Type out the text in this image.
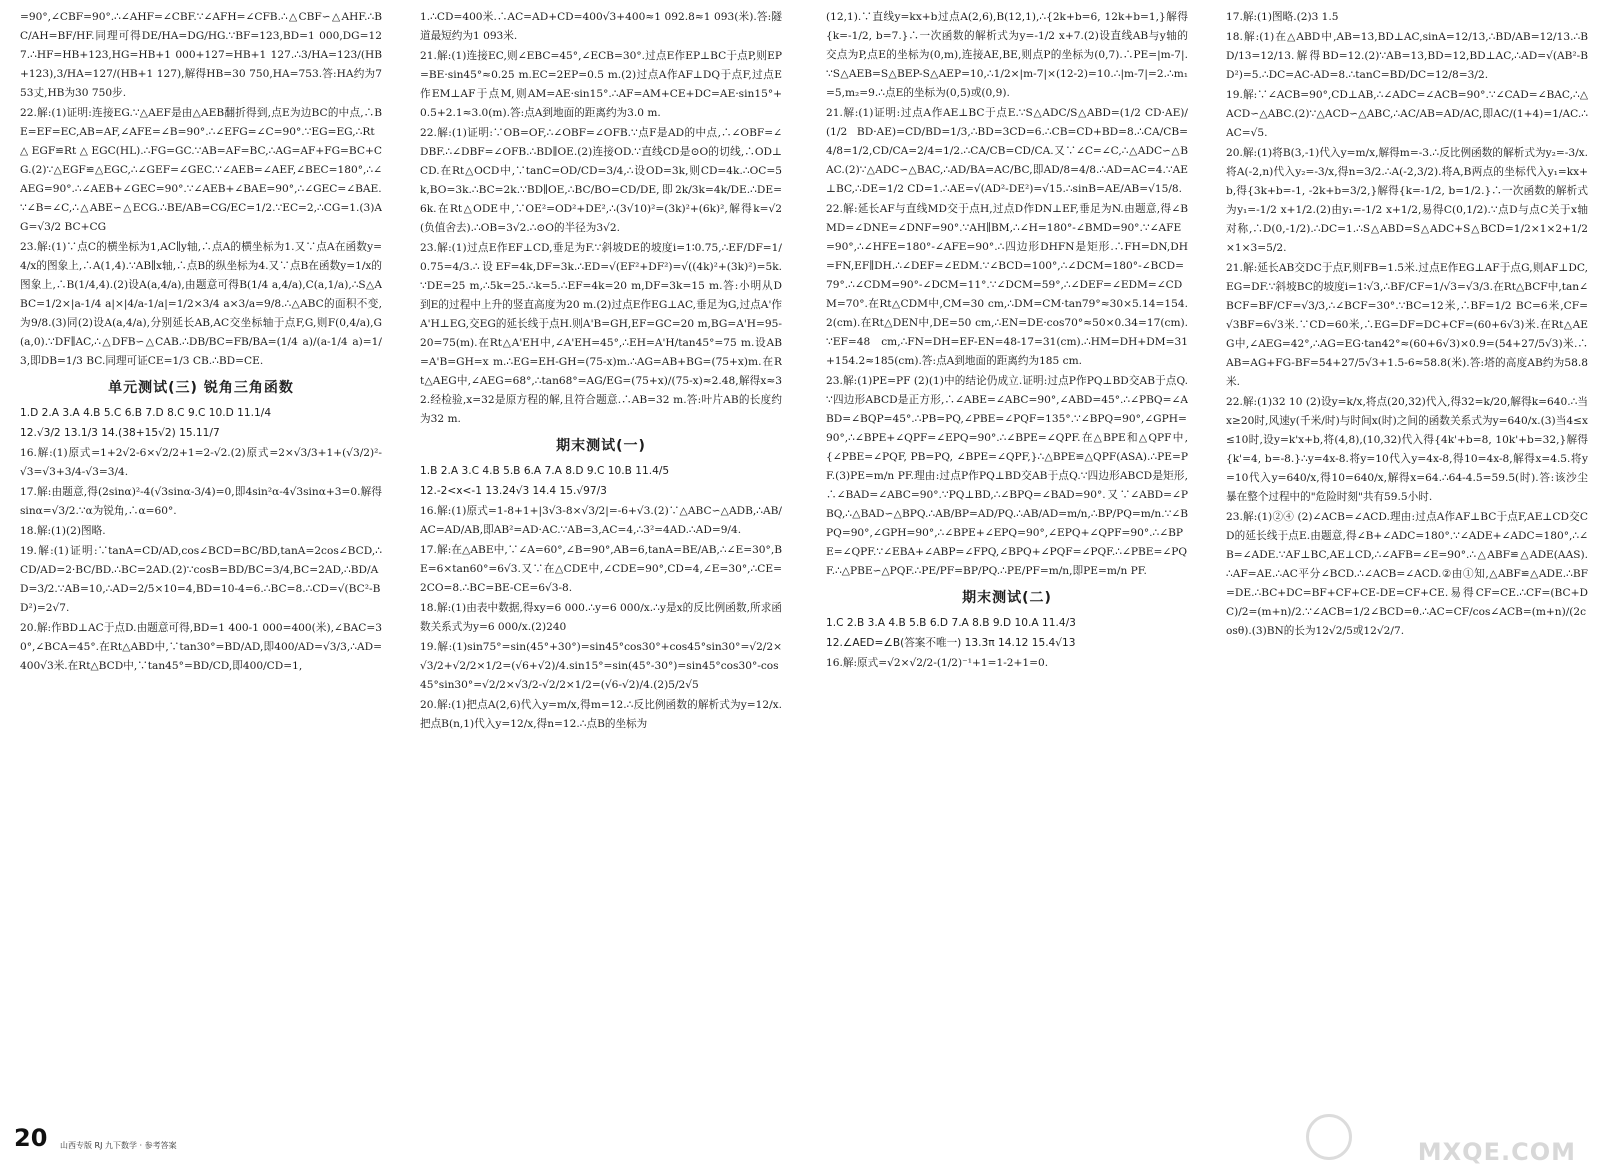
=90°,∠CBF=90°.∴∠AHF=∠CBF.∵∠AFH=∠CFB.∴△CBF∽△AHF.∴BC/AH=BF/HF.同理可得DE/HA=DG/HG.∵BF=123,BD=1 000,DG=127.∴HF=HB+123,HG=HB+1 000+127=HB+1 127.∴3/HA=123/(HB+123),3/HA=127/(HB+1 127),解得HB=30 750,HA=753.答:HA约为753丈,HB为30 750步.

22.解:(1)证明:连接EG.∵△AEF是由△AEB翻折得到,点E为边BC的中点,∴BE=EF=EC,AB=AF,∠AFE=∠B=90°.∴∠EFG=∠C=90°.∵EG=EG,∴Rt△EGF≌Rt△EGC(HL).∴FG=GC.∵AB=AF=BC,∴AG=AF+FG=BC+CG.(2)∵△EGF≌△EGC,∴∠GEF=∠GEC.∵∠AEB=∠AEF,∠BEC=180°,∴∠AEG=90°.∴∠AEB+∠GEC=90°.∵∠AEB+∠BAE=90°,∴∠GEC=∠BAE.∵∠B=∠C,∴△ABE∽△ECG.∴BE/AB=CG/EC=1/2.∵EC=2,∴CG=1.(3)AG=√3/2 BC+CG

23.解:(1)∵点C的横坐标为1,AC∥y轴,∴点A的横坐标为1.又∵点A在函数y=4/x的图象上,∴A(1,4).∵AB∥x轴,∴点B的纵坐标为4.又∵点B在函数y=1/x的图象上,∴B(1/4,4).(2)设A(a,4/a),由题意可得B(1/4 a,4/a),C(a,1/a),∴S△ABC=1/2×|a-1/4 a|×|4/a-1/a|=1/2×3/4 a×3/a=9/8.∴△ABC的面积不变,为9/8.(3)同(2)设A(a,4/a),分别延长AB,AC交坐标轴于点F,G,则F(0,4/a),G(a,0).∵DF∥AC,∴△DFB∽△CAB.∴DB/BC=FB/BA=(1/4 a)/(a-1/4 a)=1/3,即DB=1/3 BC.同理可证CE=1/3 CB.∴BD=CE.

单元测试(三) 锐角三角函数

1.D 2.A 3.A 4.B 5.C 6.B 7.D 8.C 9.C 10.D 11.1/4

12.√3/2 13.1/3 14.(38+15√2) 15.11/7

16.解:(1)原式=1+2√2-6×√2/2+1=2-√2.(2)原式=2×√3/3+1+(√3/2)²-√3=√3+3/4-√3=3/4.

17.解:由题意,得(2sinα)²-4(√3sinα-3/4)=0,即4sin²α-4√3sinα+3=0.解得sinα=√3/2.∵α为锐角,∴α=60°.

18.解:(1)(2)图略.

19.解:(1)证明:∵tanA=CD/AD,cos∠BCD=BC/BD,tanA=2cos∠BCD,∴CD/AD=2·BC/BD.∴BC=2AD.(2)∵cosB=BD/BC=3/4,BC=2AD,∴BD/AD=3/2.∵AB=10,∴AD=2/5×10=4,BD=10-4=6.∴BC=8.∴CD=√(BC²-BD²)=2√7.

20.解:作BD⊥AC于点D.由题意可得,BD=1 400-1 000=400(米),∠BAC=30°,∠BCA=45°.在Rt△ABD中,∵tan30°=BD/AD,即400/AD=√3/3,∴AD=400√3米.在Rt△BCD中,∵tan45°=BD/CD,即400/CD=1,

1.∴CD=400米.∴AC=AD+CD=400√3+400≈1 092.8≈1 093(米).答:隧道最短约为1 093米.

21.解:(1)连接EC,则∠EBC=45°,∠ECB=30°.过点E作EP⊥BC于点P,则EP=BE·sin45°≈0.25 m.EC=2EP=0.5 m.(2)过点A作AF⊥DQ于点F,过点E作EM⊥AF于点M,则AM=AE·sin15°.∴AF=AM+CE+DC=AE·sin15°+0.5+2.1≈3.0(m).答:点A到地面的距离约为3.0 m.

22.解:(1)证明:∵OB=OF,∴∠OBF=∠OFB.∵点F是AD的中点,∴∠OBF=∠DBF.∴∠DBF=∠OFB.∴BD∥OE.(2)连接OD.∵直线CD是⊙O的切线,∴OD⊥CD.在Rt△OCD中,∵tanC=OD/CD=3/4,∴设OD=3k,则CD=4k.∴OC=5k,BO=3k.∴BC=2k.∵BD∥OE,∴BC/BO=CD/DE,即2k/3k=4k/DE.∴DE=6k.在Rt△ODE中,∵OE²=OD²+DE²,∴(3√10)²=(3k)²+(6k)²,解得k=√2(负值舍去).∴OB=3√2.∴⊙O的半径为3√2.

23.解:(1)过点E作EF⊥CD,垂足为F.∵斜坡DE的坡度i=1∶0.75,∴EF/DF=1/0.75=4/3.∴设EF=4k,DF=3k.∴ED=√(EF²+DF²)=√((4k)²+(3k)²)=5k.∵DE=25 m,∴5k=25.∴k=5.∴EF=4k=20 m,DF=3k=15 m.答:小明从D到E的过程中上升的竖直高度为20 m.(2)过点E作EG⊥AC,垂足为G,过点A'作A'H⊥EG,交EG的延长线于点H.则A'B=GH,EF=GC=20 m,BG=A'H=95-20=75(m).在Rt△A'EH中,∠A'EH=45°,∴EH=A'H/tan45°=75 m.设AB=A'B=GH=x m.∴EG=EH-GH=(75-x)m.∴AG=AB+BG=(75+x)m.在Rt△AEG中,∠AEG=68°,∴tan68°=AG/EG=(75+x)/(75-x)≈2.48,解得x≈32.经检验,x=32是原方程的解,且符合题意.∴AB=32 m.答:叶片AB的长度约为32 m.

期末测试(一)

1.B 2.A 3.C 4.B 5.B 6.A 7.A 8.D 9.C 10.B 11.4/5

12.-2<x<-1 13.24√3 14.4 15.√97/3

16.解:(1)原式=1-8+1+|3√3-8×√3/2|=-6+√3.(2)∵△ABC∽△ADB,∴AB/AC=AD/AB,即AB²=AD·AC.∵AB=3,AC=4,∴3²=4AD.∴AD=9/4.

17.解:在△ABE中,∵∠A=60°,∠B=90°,AB=6,tanA=BE/AB,∴∠E=30°,BE=6×tan60°=6√3.又∵在△CDE中,∠CDE=90°,CD=4,∠E=30°,∴CE=2CO=8.∴BC=BE-CE=6√3-8.

18.解:(1)由表中数据,得xy=6 000.∴y=6 000/x.∴y是x的反比例函数,所求函数关系式为y=6 000/x.(2)240

19.解:(1)sin75°=sin(45°+30°)=sin45°cos30°+cos45°sin30°=√2/2×√3/2+√2/2×1/2=(√6+√2)/4.sin15°=sin(45°-30°)=sin45°cos30°-cos45°sin30°=√2/2×√3/2-√2/2×1/2=(√6-√2)/4.(2)5/2√5

20.解:(1)把点A(2,6)代入y=m/x,得m=12.∴反比例函数的解析式为y=12/x.把点B(n,1)代入y=12/x,得n=12.∴点B的坐标为

(12,1).∵直线y=kx+b过点A(2,6),B(12,1),∴{2k+b=6, 12k+b=1,}解得{k=-1/2, b=7.}∴一次函数的解析式为y=-1/2 x+7.(2)设直线AB与y轴的交点为P,点E的坐标为(0,m),连接AE,BE,则点P的坐标为(0,7).∴PE=|m-7|.∵S△AEB=S△BEP-S△AEP=10,∴1/2×|m-7|×(12-2)=10.∴|m-7|=2.∴m₁=5,m₂=9.∴点E的坐标为(0,5)或(0,9).

21.解:(1)证明:过点A作AE⊥BC于点E.∵S△ADC/S△ABD=(1/2 CD·AE)/(1/2 BD·AE)=CD/BD=1/3,∴BD=3CD=6.∴CB=CD+BD=8.∴CA/CB=4/8=1/2,CD/CA=2/4=1/2.∴CA/CB=CD/CA.又∵∠C=∠C,∴△ADC∽△BAC.(2)∵△ADC∽△BAC,∴AD/BA=AC/BC,即AD/8=4/8.∴AD=AC=4.∵AE⊥BC,∴DE=1/2 CD=1.∴AE=√(AD²-DE²)=√15.∴sinB=AE/AB=√15/8.

22.解:延长AF与直线MD交于点H,过点D作DN⊥EF,垂足为N.由题意,得∠BMD=∠DNE=∠DNF=90°.∵AH∥BM,∴∠H=180°-∠BMD=90°.∵∠AFE=90°,∴∠HFE=180°-∠AFE=90°.∴四边形DHFN是矩形.∴FH=DN,DH=FN,EF∥DH.∴∠DEF=∠EDM.∵∠BCD=100°,∴∠DCM=180°-∠BCD=79°.∴∠CDM=90°-∠DCM=11°.∵∠DCM=59°,∴∠DEF=∠EDM=∠CDM=70°.在Rt△CDM中,CM=30 cm,∴DM=CM·tan79°≈30×5.14=154.2(cm).在Rt△DEN中,DE=50 cm,∴EN=DE·cos70°≈50×0.34=17(cm).∵EF=48 cm,∴FN=DH=EF-EN=48-17=31(cm).∴HM=DH+DM=31+154.2≈185(cm).答:点A到地面的距离约为185 cm.

23.解:(1)PE=PF (2)(1)中的结论仍成立.证明:过点P作PQ⊥BD交AB于点Q.∵四边形ABCD是正方形,∴∠ABE=∠ABC=90°,∠ABD=45°.∴∠PBQ=∠ABD=∠BQP=45°.∴PB=PQ,∠PBE=∠PQF=135°.∵∠BPQ=90°,∠GPH=90°,∴∠BPE+∠QPF=∠EPQ=90°.∴∠BPE=∠QPF.在△BPE和△QPF中,{∠PBE=∠PQF, PB=PQ, ∠BPE=∠QPF,}∴△BPE≌△QPF(ASA).∴PE=PF.(3)PE=m/n PF.理由:过点P作PQ⊥BD交AB于点Q.∵四边形ABCD是矩形,∴∠BAD=∠ABC=90°.∵PQ⊥BD,∴∠BPQ=∠BAD=90°.又∵∠ABD=∠PBQ,∴△BAD∽△BPQ.∴AB/BP=AD/PQ.∴AB/AD=m/n,∴BP/PQ=m/n.∵∠BPQ=90°,∠GPH=90°,∴∠BPE+∠EPQ=90°,∠EPQ+∠QPF=90°.∴∠BPE=∠QPF.∵∠EBA+∠ABP=∠FPQ,∠BPQ+∠PQF=∠PQF.∴∠PBE=∠PQF.∴△PBE∽△PQF.∴PE/PF=BP/PQ.∴PE/PF=m/n,即PE=m/n PF.

期末测试(二)

1.C 2.B 3.A 4.B 5.B 6.D 7.A 8.B 9.D 10.A 11.4/3

12.∠AED=∠B(答案不唯一) 13.3π 14.12 15.4√13

16.解:原式=√2×√2/2-(1/2)⁻¹+1=1-2+1=0.

17.解:(1)图略.(2)3 1.5

18.解:(1)在△ABD中,AB=13,BD⊥AC,sinA=12/13,∴BD/AB=12/13.∴BD/13=12/13.解得BD=12.(2)∵AB=13,BD=12,BD⊥AC,∴AD=√(AB²-BD²)=5.∴DC=AC-AD=8.∴tanC=BD/DC=12/8=3/2.

19.解:∵∠ACB=90°,CD⊥AB,∴∠ADC=∠ACB=90°.∵∠CAD=∠BAC,∴△ACD∽△ABC.(2)∵△ACD∽△ABC,∴AC/AB=AD/AC,即AC/(1+4)=1/AC.∴AC=√5.

20.解:(1)将B(3,-1)代入y=m/x,解得m=-3.∴反比例函数的解析式为y₂=-3/x.将A(-2,n)代入y₂=-3/x,得n=3/2.∴A(-2,3/2).将A,B两点的坐标代入y₁=kx+b,得{3k+b=-1, -2k+b=3/2,}解得{k=-1/2, b=1/2.}∴一次函数的解析式为y₁=-1/2 x+1/2.(2)由y₁=-1/2 x+1/2,易得C(0,1/2).∵点D与点C关于x轴对称,∴D(0,-1/2).∴DC=1.∴S△ABD=S△ADC+S△BCD=1/2×1×2+1/2×1×3=5/2.

21.解:延长AB交DC于点F,则FB=1.5米.过点E作EG⊥AF于点G,则AF⊥DC,EG=DF.∵斜坡BC的坡度i=1∶√3,∴BF/CF=1/√3=√3/3.在Rt△BCF中,tan∠BCF=BF/CF=√3/3,∴∠BCF=30°.∵BC=12米,∴BF=1/2 BC=6米,CF=√3BF=6√3米.∵CD=60米,∴EG=DF=DC+CF=(60+6√3)米.在Rt△AEG中,∠AEG=42°,∴AG=EG·tan42°≈(60+6√3)×0.9=(54+27/5√3)米.∴AB=AG+FG-BF=54+27/5√3+1.5-6≈58.8(米).答:塔的高度AB约为58.8米.

22.解:(1)32 10 (2)设y=k/x,将点(20,32)代入,得32=k/20,解得k=640.∴当x≥20时,风速y(千米/时)与时间x(时)之间的函数关系式为y=640/x.(3)当4≤x≤10时,设y=k'x+b,将(4,8),(10,32)代入得{4k'+b=8, 10k'+b=32,}解得{k'=4, b=-8.}∴y=4x-8.将y=10代入y=4x-8,得10=4x-8,解得x=4.5.将y=10代入y=640/x,得10=640/x,解得x=64.∴64-4.5=59.5(时).答:该沙尘暴在整个过程中的"危险时刻"共有59.5小时.

23.解:(1)②④ (2)∠ACB=∠ACD.理由:过点A作AF⊥BC于点F,AE⊥CD交CD的延长线于点E.由题意,得∠B+∠ADC=180°.∵∠ADE+∠ADC=180°,∴∠B=∠ADE.∵AF⊥BC,AE⊥CD,∴∠AFB=∠E=90°.∴△ABF≌△ADE(AAS).∴AF=AE.∴AC平分∠BCD.∴∠ACB=∠ACD.②由①知,△ABF≌△ADE.∴BF=DE.∴BC+DC=BF+CF+CE-DE=CF+CE.易得CF=CE.∴CF=(BC+DC)/2=(m+n)/2.∵∠ACB=1/2∠BCD=θ.∴AC=CF/cos∠ACB=(m+n)/(2cosθ).(3)BN的长为12√2/5或12√2/7.

20 山西专版 RJ 九下数学 · 参考答案	MXQE.COM
